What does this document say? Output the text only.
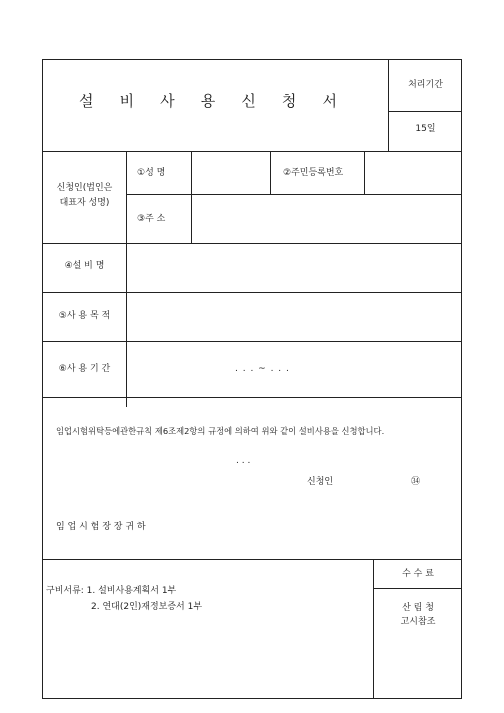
설 비 사 용 신 청 서
처리기간
15일
신청인(법인은
대표자 성명)
①성 명	②주민등록번호
③주 소
④설 비 명
⑤사 용 목 적
⑥사 용 기 간	. . . ~ . . .
임업시험위탁등에관한규칙 제6조제2항의 규정에 의하여 위와 같이 설비사용을 신청합니다.
. . .
신청인	㉞
임 업 시 험 장 장 귀 하
구비서류: 1. 설비사용계획서 1부
2. 연대(2인)재정보증서 1부
수 수 료
산 림 청
고시참조
